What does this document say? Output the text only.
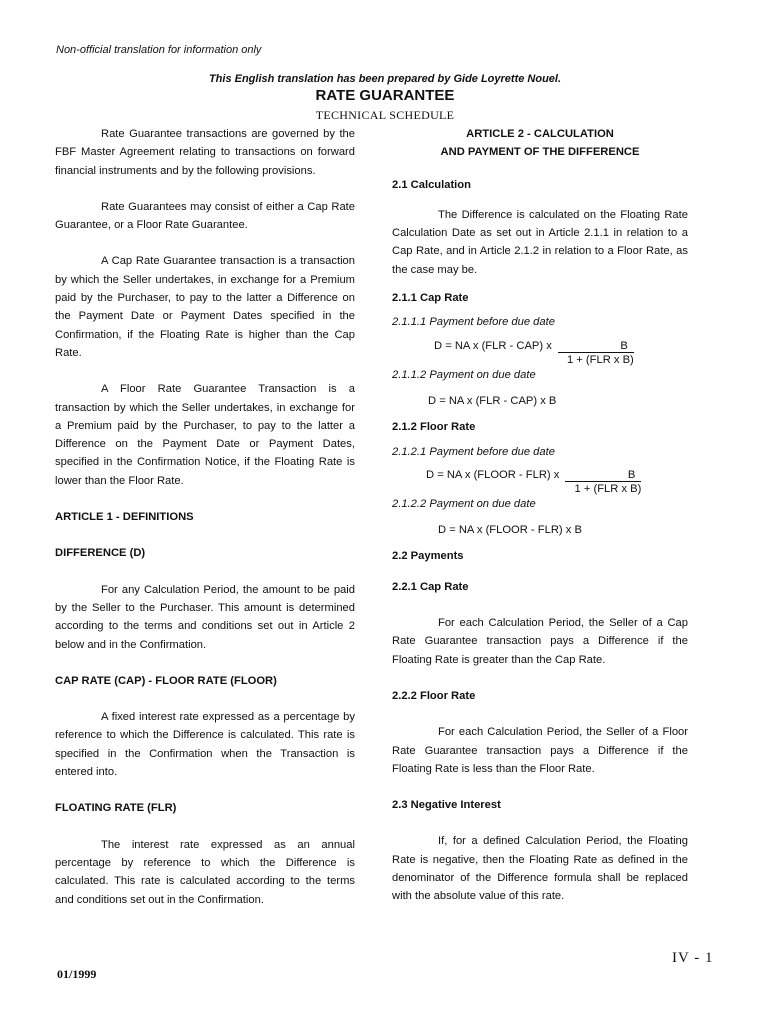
Non-official translation for information only
This English translation has been prepared by Gide Loyrette Nouel.
RATE GUARANTEE
TECHNICAL SCHEDULE

Rate Guarantee transactions are governed by the FBF Master Agreement relating to transactions on forward financial instruments and by the following provisions.

Rate Guarantees may consist of either a Cap Rate Guarantee, or a Floor Rate Guarantee.

A Cap Rate Guarantee transaction is a transaction by which the Seller undertakes, in exchange for a Premium paid by the Purchaser, to pay to the latter a Difference on the Payment Date or Payment Dates specified in the Confirmation, if the Floating Rate is higher than the Cap Rate.

A Floor Rate Guarantee Transaction is a transaction by which the Seller undertakes, in exchange for a Premium paid by the Purchaser, to pay to the latter a Difference on the Payment Date or Payment Dates, specified in the Confirmation Notice, if the Floating Rate is lower than the Floor Rate.

ARTICLE 1 - DEFINITIONS
DIFFERENCE (D)

For any Calculation Period, the amount to be paid by the Seller to the Purchaser. This amount is determined according to the terms and conditions set out in Article 2 below and in the Confirmation.

CAP RATE (CAP) - FLOOR RATE (FLOOR)

A fixed interest rate expressed as a percentage by reference to which the Difference is calculated. This rate is specified in the Confirmation when the Transaction is entered into.

FLOATING RATE (FLR)

The interest rate expressed as an annual percentage by reference to which the Difference is calculated. This rate is calculated according to the terms and conditions set out in the Confirmation.

ARTICLE 2 - CALCULATION
AND PAYMENT OF THE DIFFERENCE
2.1 Calculation

The Difference is calculated on the Floating Rate Calculation Date as set out in Article 2.1.1 in relation to a Cap Rate, and in Article 2.1.2 in relation to a Floor Rate, as the case may be.

2.1.1 Cap Rate
2.1.1.1 Payment before due date
D = NA x (FLR - CAP) x $\frac{B}{\text{1 + (FLR x B)}}$
2.1.1.2 Payment on due date
D = NA x (FLR - CAP) x B
2.1.2 Floor Rate
2.1.2.1 Payment before due date
D = NA x (FLOOR - FLR) x $\frac{B}{\text{1 + (FLR x B)}}$
2.1.2.2 Payment on due date
D = NA x (FLOOR - FLR) x B
2.2 Payments
2.2.1 Cap Rate

For each Calculation Period, the Seller of a Cap Rate Guarantee transaction pays a Difference if the Floating Rate is greater than the Cap Rate.

2.2.2 Floor Rate

For each Calculation Period, the Seller of a Floor Rate Guarantee transaction pays a Difference if the Floating Rate is less than the Floor Rate.

2.3 Negative Interest

If, for a defined Calculation Period, the Floating Rate is negative, then the Floating Rate as defined in the denominator of the Difference formula shall be replaced with the absolute value of this rate.

01/1999
IV - 1
